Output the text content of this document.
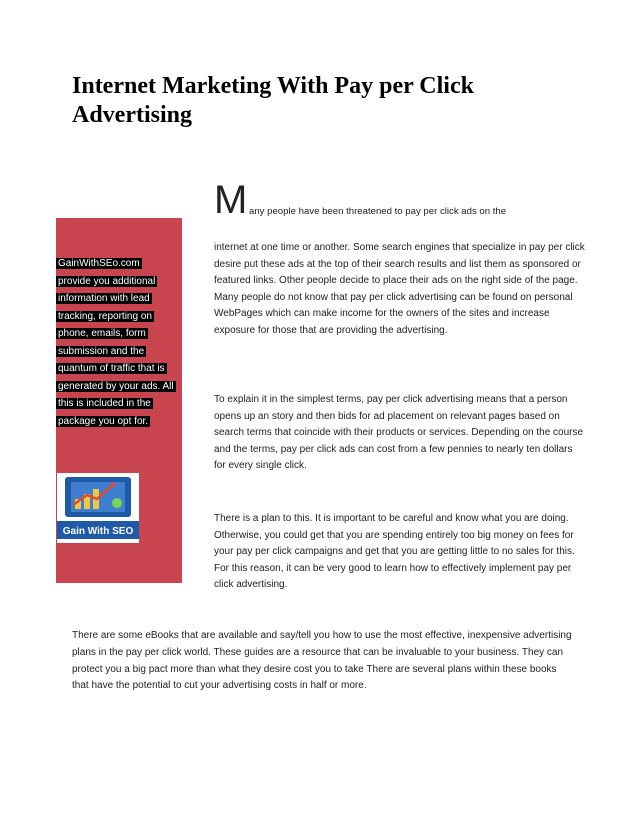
Internet Marketing With Pay per Click Advertising
GainWithSEo.com provide you additional information with lead tracking, reporting on phone, emails, form submission and the quantum of traffic that is generated by your ads. All this is included in the package you opt for.
Gain With SEO
M any people have been threatened to pay per click ads on the

internet at one time or another. Some search engines that specialize in pay per click desire put these ads at the top of their search results and list them as sponsored or featured links. Other people decide to place their ads on the right side of the page. Many people do not know that pay per click advertising can be found on personal WebPages which can make income for the owners of the sites and increase exposure for those that are providing the advertising.

To explain it in the simplest terms, pay per click advertising means that a person opens up an story and then bids for ad placement on relevant pages based on search terms that coincide with their products or services. Depending on the course and the terms, pay per click ads can cost from a few pennies to nearly ten dollars for every single click.

There is a plan to this. It is important to be careful and know what you are doing. Otherwise, you could get that you are spending entirely too big money on fees for your pay per click campaigns and get that you are getting little to no sales for this. For this reason, it can be very good to learn how to effectively implement pay per click advertising.

There are some eBooks that are available and say/tell you how to use the most effective, inexpensive advertising plans in the pay per click world. These guides are a resource that can be invaluable to your business. They can protect you a big pact more than what they desire cost you to take There are several plans within these books that have the potential to cut your advertising costs in half or more.
